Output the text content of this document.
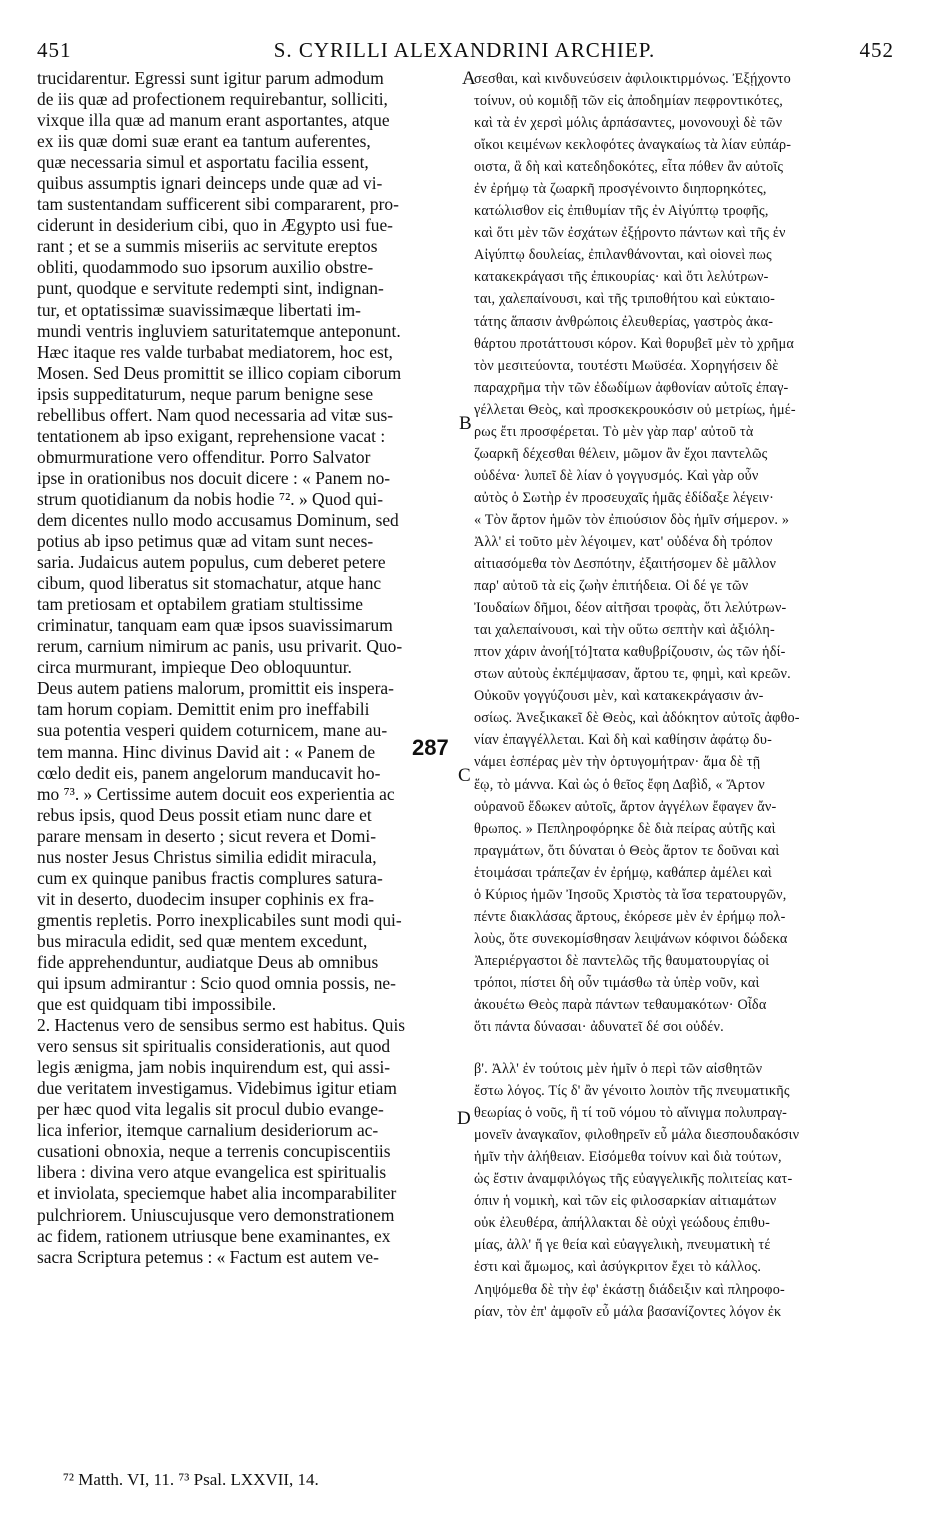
451	S. CYRILLI ALEXANDRINI ARCHIEP.	452

trucidarentur. Egressi sunt igitur parum admodum

de iis quæ ad profectionem requirebantur, solliciti,

vixque illa quæ ad manum erant asportantes, atque

ex iis quæ domi suæ erant ea tantum auferentes,

quæ necessaria simul et asportatu facilia essent,

quibus assumptis ignari deinceps unde quæ ad vi-

tam sustentandam sufficerent sibi compararent, pro-

ciderunt in desiderium cibi, quo in Ægypto usi fue-

rant ; et se a summis miseriis ac servitute ereptos

obliti, quodammodo suo ipsorum auxilio obstre-

punt, quodque e servitute redempti sint, indignan-

tur, et optatissimæ suavissimæque libertati im-

mundi ventris ingluviem saturitatemque anteponunt.

Hæc itaque res valde turbabat mediatorem, hoc est,

Mosen. Sed Deus promittit se illico copiam ciborum

ipsis suppeditaturum, neque parum benigne sese

rebellibus offert. Nam quod necessaria ad vitæ sus-

tentationem ab ipso exigant, reprehensione vacat :

obmurmuratione vero offenditur. Porro Salvator

ipse in orationibus nos docuit dicere : « Panem no-

strum quotidianum da nobis hodie ⁷². » Quod qui-

dem dicentes nullo modo accusamus Dominum, sed

potius ab ipso petimus quæ ad vitam sunt neces-

saria. Judaicus autem populus, cum deberet petere

cibum, quod liberatus sit stomachatur, atque hanc

tam pretiosam et optabilem gratiam stultissime

criminatur, tanquam eam quæ ipsos suavissimarum

rerum, carnium nimirum ac panis, usu privarit. Quo-

circa murmurant, impieque Deo obloquuntur.

Deus autem patiens malorum, promittit eis insperа-

tam horum copiam. Demittit enim pro ineffabili

sua potentia vesperi quidem coturnicem, mane au-

tem manna. Hinc divinus David ait : « Panem de

cœlo dedit eis, panem angelorum manducavit ho-

mo ⁷³. » Certissime autem docuit eos experientia ac

rebus ipsis, quod Deus possit etiam nunc dare et

parare mensam in deserto ; sicut revera et Domi-

nus noster Jesus Christus similia edidit miracula,

cum ex quinque panibus fractis complures satura-

vit in deserto, duodecim insuper cophinis ex fra-

gmentis repletis. Porro inexplicabiles sunt modi qui-

bus miracula edidit, sed quæ mentem excedunt,

fide apprehenduntur, audiatque Deus ab omnibus

qui ipsum admirantur : Scio quod omnia possis, ne-

que est quidquam tibi impossibile.

2. Hactenus vero de sensibus sermo est habitus. Quis

vero sensus sit spiritualis considerationis, aut quod

legis ænigma, jam nobis inquirendum est, qui assi-

due veritatem investigamus. Videbimus igitur etiam

per hæc quod vita legalis sit procul dubio evange-

lica inferior, itemque carnalium desideriorum ac-

cusationi obnoxia, neque a terrenis concupiscentiis

libera : divina vero atque evangelica est spiritualis

et inviolata, speciemque habet alia incomparabiliter

pulchriorem. Uniuscujusque vero demonstrationem

ac fidem, rationem utriusque bene examinantes, ex

sacra Scriptura petemus : « Factum est autem ve-

σεσθαι, καὶ κινδυνεύσειν ἀφιλοικτιρμόνως. Ἐξῄχοντο

τοίνυν, οὐ κομιδῇ τῶν εἰς ἀποδημίαν πεφροντικότες,

καὶ τὰ ἐν χερσὶ μόλις ἁρπάσαντες, μονονουχὶ δὲ τῶν

οἴκοι κειμένων κεκλοφότες ἀναγκαίως τὰ λίαν εὐπάρ-

οιστα, ἃ δὴ καὶ κατεδηδοκότες, εἶτα πόθεν ἂν αὐτοῖς

ἐν ἐρήμῳ τὰ ζωαρκῆ προσγένοιντο διηπορηκότες,

κατώλισθον εἰς ἐπιθυμίαν τῆς ἐν Αἰγύπτῳ τροφῆς,

καὶ ὅτι μὲν τῶν ἐσχάτων ἐξῄροντο πάντων καὶ τῆς ἐν

Αἰγύπτῳ δουλείας, ἐπιλανθάνονται, καὶ οἱονεὶ πως

κατακεκράγασι τῆς ἐπικουρίας· καὶ ὅτι λελύτρων-

ται, χαλεπαίνουσι, καὶ τῆς τριποθήτου καὶ εὐκταιο-

τάτης ἅπασιν ἀνθρώποις ἐλευθερίας, γαστρὸς ἀκα-

θάρτου προτάττουσι κόρον. Καὶ θορυβεῖ μὲν τὸ χρῆμα

τὸν μεσιτεύοντα, τουτέστι Μωϋσέα. Χορηγήσειν δὲ

παραχρῆμα τὴν τῶν ἐδωδίμων ἀφθονίαν αὐτοῖς ἐπαγ-

γέλλεται Θεὸς, καὶ προσκεκρουκόσιν οὐ μετρίως, ἡμέ-

ρως ἔτι προσφέρεται. Τὸ μὲν γὰρ παρ' αὐτοῦ τὰ

ζωαρκῆ δέχεσθαι θέλειν, μῶμον ἂν ἔχοι παντελῶς

οὐδένα· λυπεῖ δὲ λίαν ὁ γογγυσμός. Καὶ γὰρ οὖν

αὐτὸς ὁ Σωτὴρ ἐν προσευχαῖς ἡμᾶς ἐδίδαξε λέγειν·

« Τὸν ἄρτον ἡμῶν τὸν ἐπιούσιον δὸς ἡμῖν σήμερον. »

Ἀλλ' εἰ τοῦτο μὲν λέγοιμεν, κατ' οὐδένα δὴ τρόπον

αἰτιασόμεθα τὸν Δεσπότην, ἐξαιτήσομεν δὲ μᾶλλον

παρ' αὐτοῦ τὰ εἰς ζωὴν ἐπιτήδεια. Οἱ δέ γε τῶν

Ἰουδαίων δῆμοι, δέον αἰτῆσαι τροφὰς, ὅτι λελύτρων-

ται χαλεπαίνουσι, καὶ τὴν οὕτω σεπτὴν καὶ ἀξιόλη-

πτον χάριν ἀνοή[τό]τατα καθυβρίζουσιν, ὡς τῶν ἡδί-

στων αὐτοὺς ἐκπέμψασαν, ἄρτου τε, φημὶ, καὶ κρεῶν.

Οὐκοῦν γογγύζουσι μὲν, καὶ κατακεκράγασιν ἀν-

οσίως. Ἀνεξικακεῖ δὲ Θεὸς, καὶ ἀδόκητον αὐτοῖς ἀφθο-

νίαν ἐπαγγέλλεται. Καὶ δὴ καὶ καθίησιν ἀφάτῳ δυ-

νάμει ἑσπέρας μὲν τὴν ὀρτυγομήτραν· ἅμα δὲ τῇ

ἕῳ, τὸ μάννα. Καὶ ὡς ὁ θεῖος ἔφη Δαβὶδ, « Ἄρτον

οὐρανοῦ ἔδωκεν αὐτοῖς, ἄρτον ἀγγέλων ἔφαγεν ἄν-

θρωπος. » Πεπληροφόρηκε δὲ διὰ πείρας αὐτῆς καὶ

πραγμάτων, ὅτι δύναται ὁ Θεὸς ἄρτον τε δοῦναι καὶ

ἑτοιμάσαι τράπεζαν ἐν ἐρήμῳ, καθάπερ ἀμέλει καὶ

ὁ Κύριος ἡμῶν Ἰησοῦς Χριστὸς τὰ ἴσα τερατουργῶν,

πέντε διακλάσας ἄρτους, ἐκόρεσε μὲν ἐν ἐρήμῳ πολ-

λοὺς, ὅτε συνεκομίσθησαν λειψάνων κόφινοι δώδεκα

Ἀπεριέργαστοι δὲ παντελῶς τῆς θαυματουργίας οἱ

τρόποι, πίστει δὴ οὖν τιμάσθω τὰ ὑπὲρ νοῦν, καὶ

ἀκουέτω Θεὸς παρὰ πάντων τεθαυμακότων· Οἶδα

ὅτι πάντα δύνασαι· ἀδυνατεῖ δέ σοι οὐδέν.

β'. Ἀλλ' ἐν τούτοις μὲν ἡμῖν ὁ περὶ τῶν αἰσθητῶν

ἔστω λόγος. Τίς δ' ἂν γένοιτο λοιπὸν τῆς πνευματικῆς

θεωρίας ὁ νοῦς, ἢ τί τοῦ νόμου τὸ αἴνιγμα πολυπραγ-

μονεῖν ἀναγκαῖον, φιλοθηρεῖν εὖ μάλα διεσπουδακόσιν

ἡμῖν τὴν ἀλήθειαν. Εἰσόμεθα τοίνυν καὶ διὰ τούτων,

ὡς ἔστιν ἀναμφιλόγως τῆς εὐαγγελικῆς πολιτείας κατ-

όπιν ἡ νομικὴ, καὶ τῶν εἰς φιλοσαρκίαν αἰτιαμάτων

οὐκ ἐλευθέρα, ἀπήλλακται δὲ οὐχὶ γεώδους ἐπιθυ-

μίας, ἀλλ' ἥ γε θεία καὶ εὐαγγελικὴ, πνευματικὴ τέ

ἐστι καὶ ἄμωμος, καὶ ἀσύγκριτον ἔχει τὸ κάλλος.

Ληψόμεθα δὲ τὴν ἐφ' ἑκάστῃ διάδειξιν καὶ πληροφο-

ρίαν, τὸν ἐπ' ἀμφοῖν εὖ μάλα βασανίζοντες λόγον ἐκ

A
B
C
D
287
⁷² Matth. VI, 11. ⁷³ Psal. LXXVII, 14.
